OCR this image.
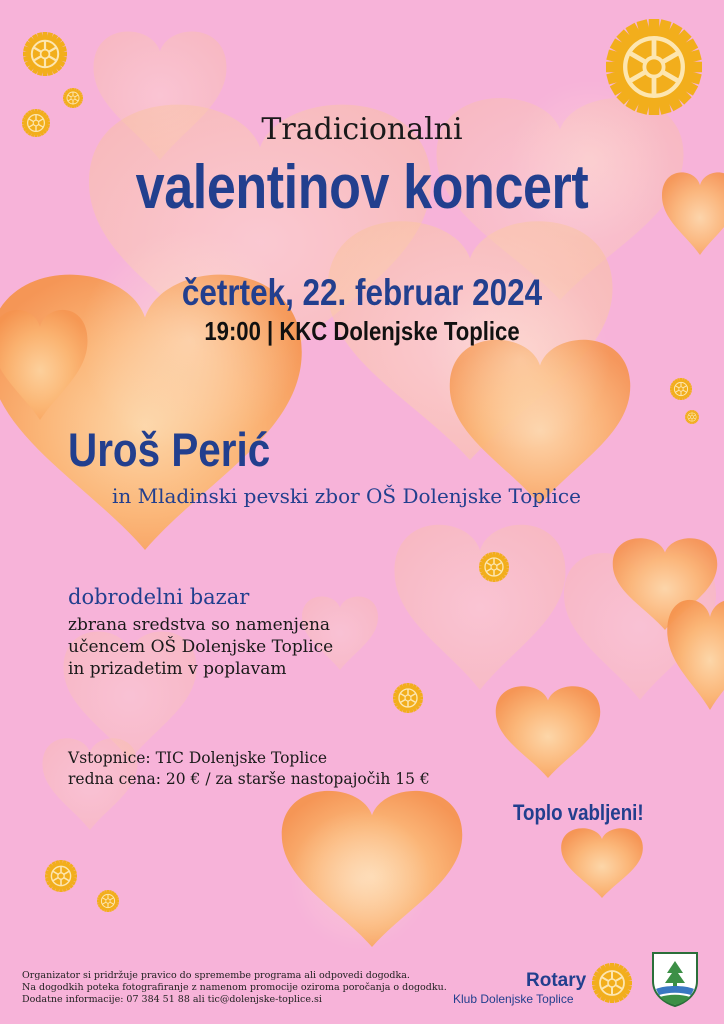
Tradicionalni
valentinov koncert
četrtek, 22. februar 2024
19:00 | KKC Dolenjske Toplice
Uroš Perić
in Mladinski pevski zbor OŠ Dolenjske Toplice
dobrodelni bazar
zbrana sredstva so namenjena
učencem OŠ Dolenjske Toplice
in prizadetim v poplavam
Vstopnice: TIC Dolenjske Toplice
redna cena: 20 € / za starše nastopajočih 15 €
Toplo vabljeni!
Organizator si pridržuje pravico do spremembe programa ali odpovedi dogodka.
Na dogodkih poteka fotografiranje z namenom promocije oziroma poročanja o dogodku.
Dodatne informacije: 07 384 51 88 ali tic@dolenjske-toplice.si
Rotary
Klub Dolenjske Toplice
